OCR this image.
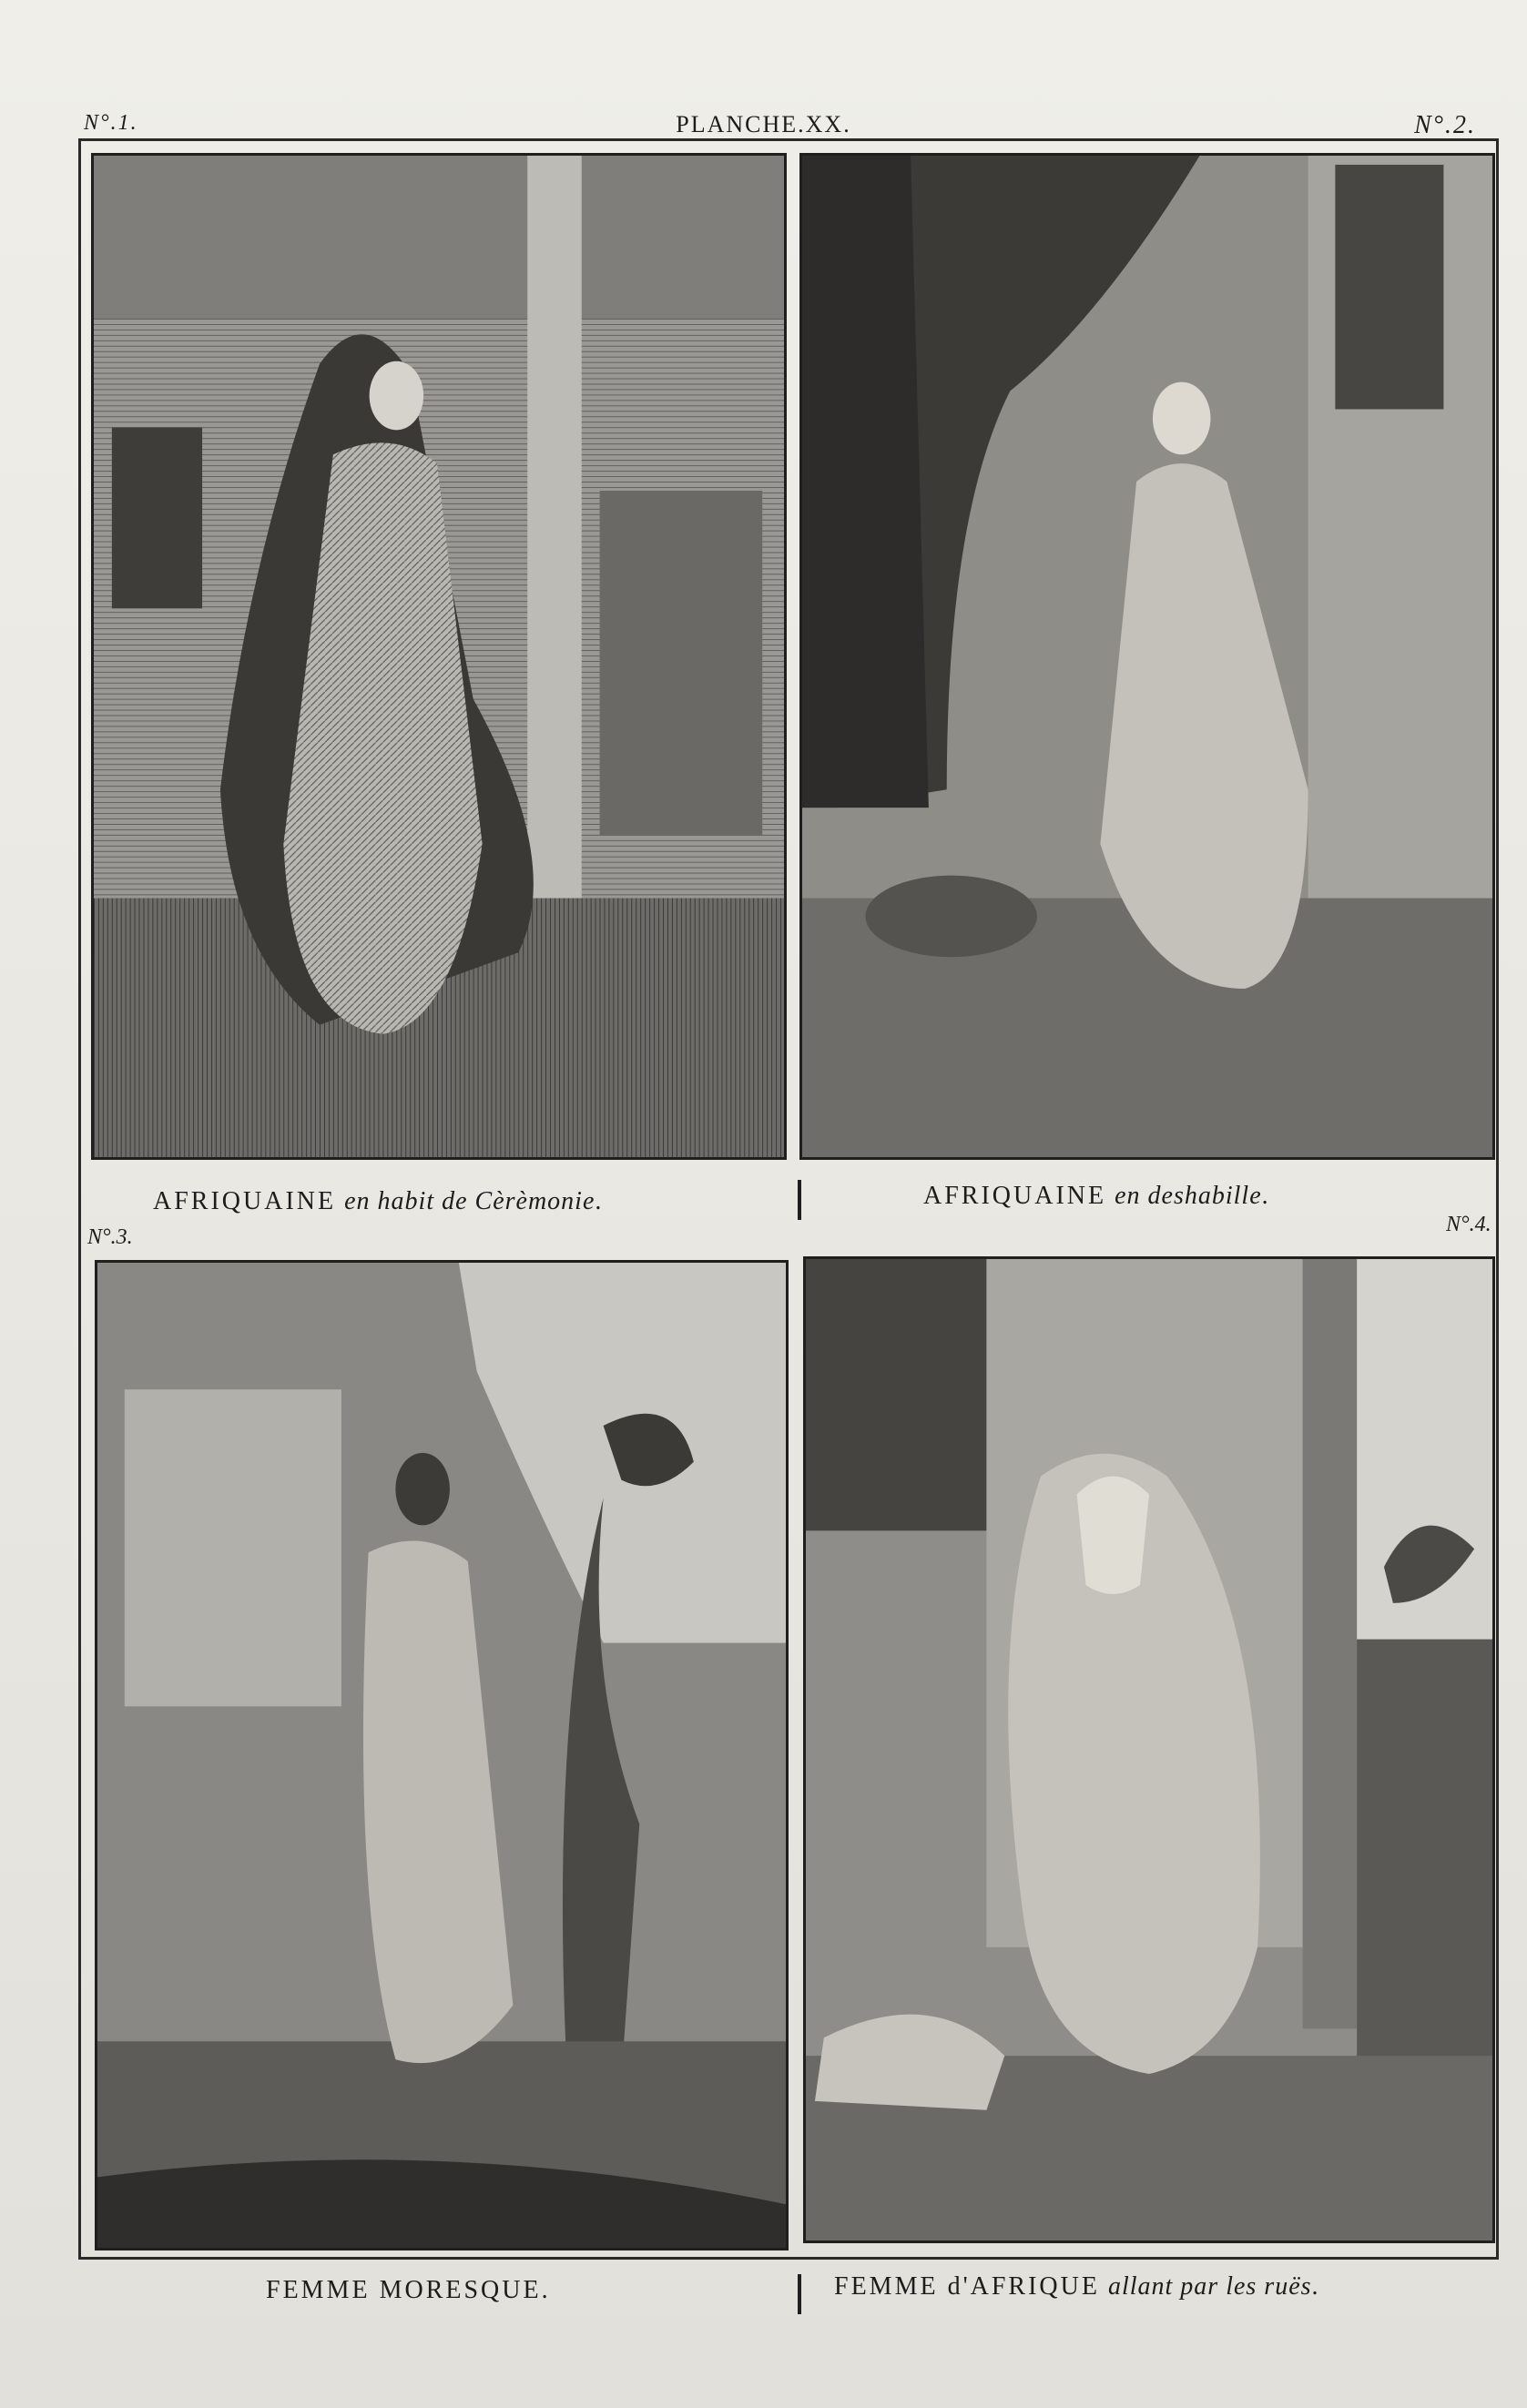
N°.1.	PLANCHE.XX.	N°.2.
AFRIQUAINE en habit de Cèrèmonie.	AFRIQUAINE en deshabille.
N°.3.
N°.4.
FEMME MORESQUE.	FEMME d'AFRIQUE allant par les ruës.
